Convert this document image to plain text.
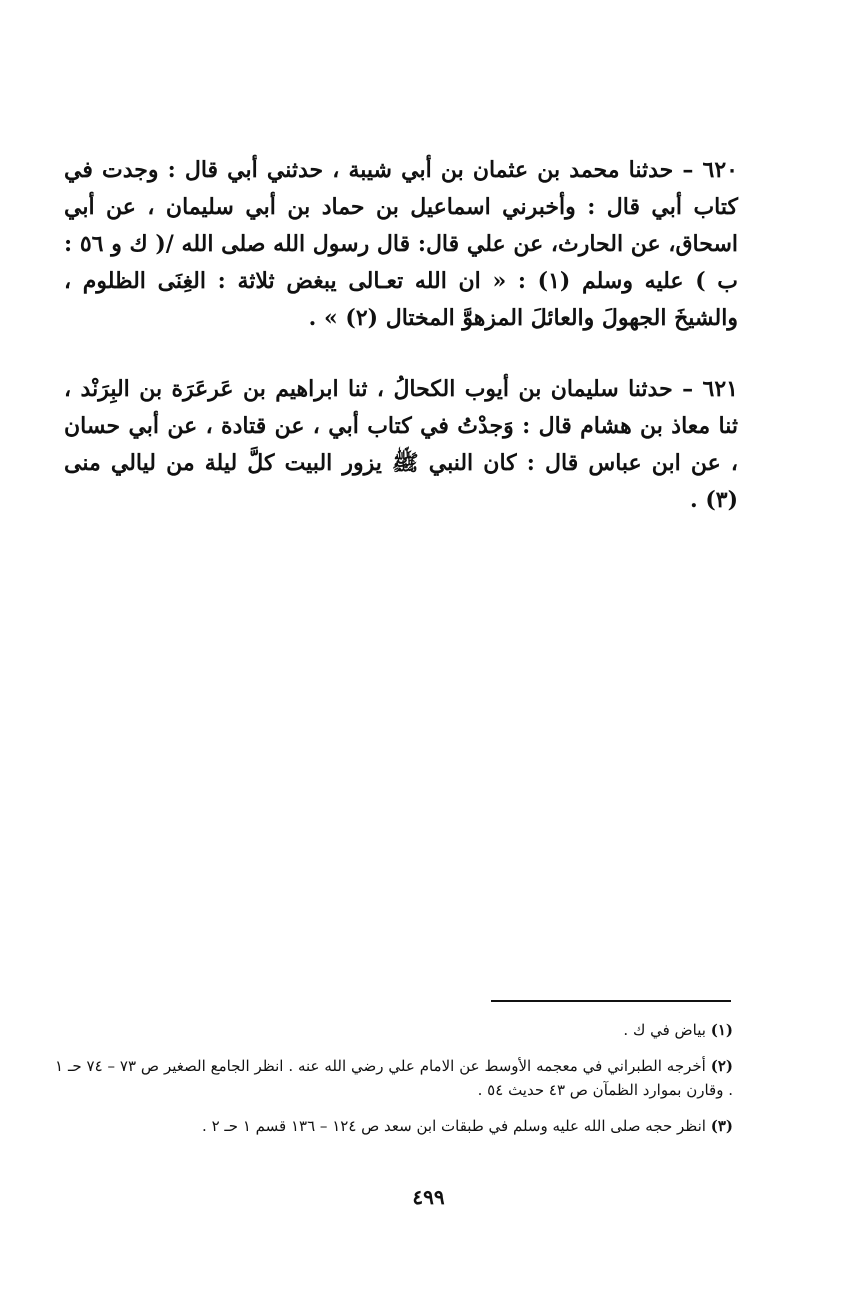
٦٢٠ – حدثنا محمد بن عثمان بن أبي شيبة ، حدثني أبي قال : وجدت في كتاب أبي قال : وأخبرني اسماعيل بن حماد بن أبي سليمان ، عن أبي اسحاق، عن الحارث، عن علي قال: قال رسول الله صلى الله /( ك و ٥٦ : ب ) عليه وسلم (١) : « ان الله تعـالى يبغض ثلاثة : الغِنَى الظلوم ، والشيخَ الجهولَ والعائلَ المزهوَّ المختال (٢) » .

٦٢١ – حدثنا سليمان بن أيوب الكحالُ ، ثنا ابراهيم بن عَرعَرَة بن البِرَنْد ، ثنا معاذ بن هشام قال : وَجدْتُ في كتاب أبي ، عن قتادة ، عن أبي حسان ، عن ابن عباس قال : كان النبي ﷺ يزور البيت كلَّ ليلة من ليالي منى (٣) .

(١) بياض في ك .

(٢) أخرجه الطبراني في معجمه الأوسط عن الامام علي رضي الله عنه . انظر الجامع الصغير ص ٧٣ – ٧٤ حـ ١ . وقارن بموارد الظمآن ص ٤٣ حديث ٥٤ .

(٣) انظر حجه صلى الله عليه وسلم في طبقات ابن سعد ص ١٢٤ – ١٣٦ قسم ١ حـ ٢ .

٤٩٩
